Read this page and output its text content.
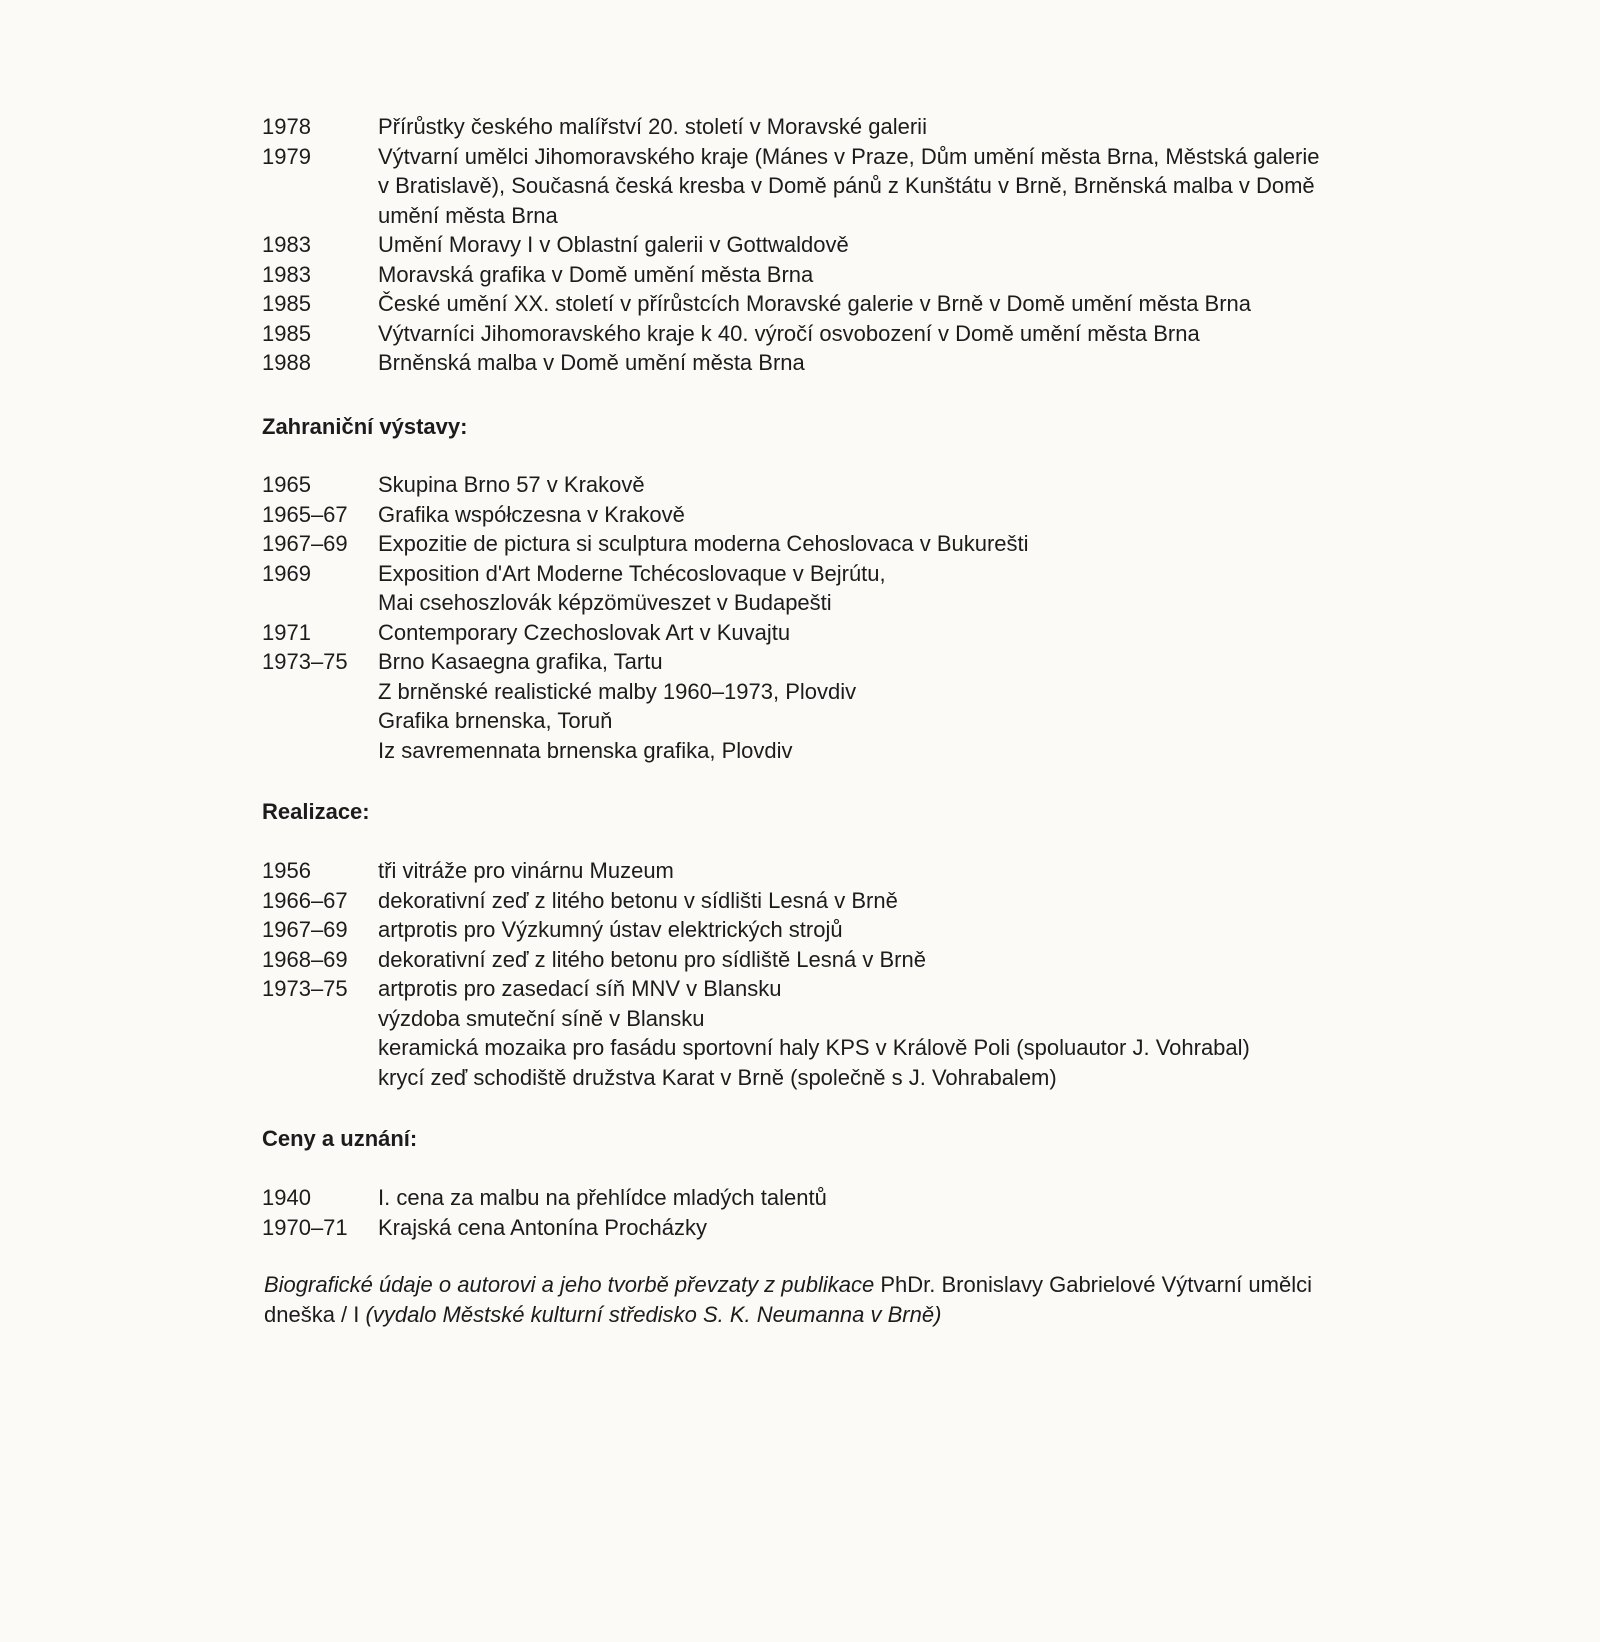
1978	Přírůstky českého malířství 20. století v Moravské galerii
1979	Výtvarní umělci Jihomoravského kraje (Mánes v Praze, Dům umění města Brna, Městská galerie
v Bratislavě), Současná česká kresba v Domě pánů z Kunštátu v Brně, Brněnská malba v Domě
umění města Brna
1983	Umění Moravy I v Oblastní galerii v Gottwaldově
1983	Moravská grafika v Domě umění města Brna
1985	České umění XX. století v přírůstcích Moravské galerie v Brně v Domě umění města Brna
1985	Výtvarníci Jihomoravského kraje k 40. výročí osvobození v Domě umění města Brna
1988	Brněnská malba v Domě umění města Brna
Zahraniční výstavy:
1965	Skupina Brno 57 v Krakově
1965–67	Grafika współczesna v Krakově
1967–69	Expozitie de pictura si sculptura moderna Cehoslovaca v Bukurešti
1969	Exposition d'Art Moderne Tchécoslovaque v Bejrútu,
Mai csehoszlovák képzömüveszet v Budapešti
1971	Contemporary Czechoslovak Art v Kuvajtu
1973–75	Brno Kasaegna grafika, Tartu
Z brněnské realistické malby 1960–1973, Plovdiv
Grafika brnenska, Toruň
Iz savremennata brnenska grafika, Plovdiv
Realizace:
1956	tři vitráže pro vinárnu Muzeum
1966–67	dekorativní zeď z litého betonu v sídlišti Lesná v Brně
1967–69	artprotis pro Výzkumný ústav elektrických strojů
1968–69	dekorativní zeď z litého betonu pro sídliště Lesná v Brně
1973–75	artprotis pro zasedací síň MNV v Blansku
výzdoba smuteční síně v Blansku
keramická mozaika pro fasádu sportovní haly KPS v Králově Poli (spoluautor J. Vohrabal)
krycí zeď schodiště družstva Karat v Brně (společně s J. Vohrabalem)
Ceny a uznání:
1940	I. cena za malbu na přehlídce mladých talentů
1970–71	Krajská cena Antonína Procházky

Biografické údaje o autorovi a jeho tvorbě převzaty z publikace PhDr. Bronislavy Gabrielové Výtvarní umělci
dneška / I (vydalo Městské kulturní středisko S. K. Neumanna v Brně)
